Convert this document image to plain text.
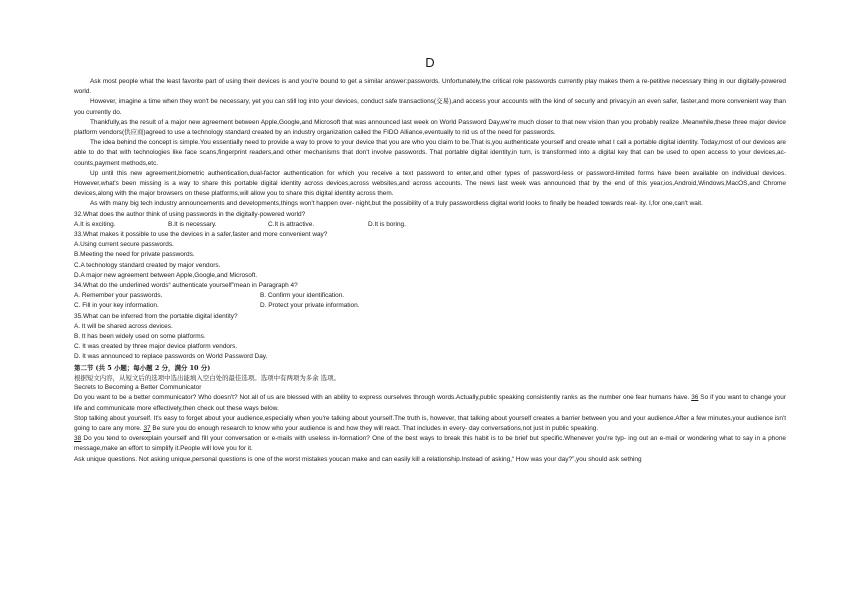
D

Ask most people what the least favorite part of using their devices is and you're bound to get a similar answer:passwords. Unfortunately,the critical role passwords currently play makes them a re-petitive necessary thing in our digitally-powered world.

However, imagine a time when they won't be necessary, yet you can still log into your devices, conduct safe transactions(交易),and access your accounts with the kind of securly and privacy,in an even safer, faster,and more convenient way than you currently do.

Thankfully,as the result of a major new agreement between Apple,Google,and Microsoft that was announced last week on World Password Day,we're much closer to that new vision than you probably realize .Meanwhile,these three major device platform vendors(供应商)agreed to use a technology standard created by an industry organization called the FIDO Alliance,eventually to rid us of the need for passwords.

The idea behind the concept is simple.You essentially need to provide a way to prove to your device that you are who you claim to be.That is,you authenticate yourself and create what I call a portable digital identity. Today,most of our devices are able to do that with technologies like face scans,fingerprint readers,and other mechanisms that don't involve passwords. That portable digital identity,in turn, is transformed into a digital key that can be used to open access to your devices,ac- counts,payment methods,etc.

Up until this new agreement,biometric authentication,dual-factor authentication for which you receive a text password to enter,and other types of password-less or password-limited forms have been available on individual devices. However,what's been missing is a way to share this portable digital identity across devices,across websites,and across accounts. The news last week was announced that by the end of this year,ios,Android,Windows,MacOS,and Chrome devices,along with the major browsers on these platforms,will allow you to share this digital identity across them.

As with many big tech industry announcements and developments,things won't happen over- night,but the possibility of a truly passwordless digital world looks to finally be headed towards real- ity. I,for one,can't wait.

32.What does the author think of using passwords in the digitally-powered world?

A.It is exciting.	B.It is necessary.	C.It is attractive.	D.It is boring.

33.What makes it possible to use the devices in a safer,faster and more convenient way?

A.Using current secure passwords.

B.Meeting the need for private passwords.

C.A technology standard created by major vendors.

D.A major new agreement between Apple,Google,and Microsoft.

34.What do the underlined words“ authenticate yourself”mean in Paragraph 4?

A. Remember your passwords.	B. Confirm your identification.
C. Fill in your key information.	D. Protect your private information.

35.What can be inferred from the portable digital identity?

A. It will be shared across devices.

B. It has been widely used on some platforms.

C. It was created by three major device platform vendors.

D. It was announced to replace passwords on World Password Day.

第二节 (共 5 小题；每小题 2 分，满分 10 分)

根据短文内容，从短文后的选项中选出能填入空白处的最佳选项。选项中有两项为多余 选项。

Secrets to Becoming a Better Communicator

Do you want to be a better communicator? Who doesn't? Not all of us are blessed with an ability to express ourselves through words.Actually,public speaking consistently ranks as the number one fear humans have. 36 So if you want to change your life and communicate more effectively,then check out these ways below.

Stop talking about yourself. It's easy to forget about your audience,especially when you're talking about yourself.The truth is, however, that talking about yourself creates a barrier between you and your audience.After a few minutes,your audience isn't going to care any more. 37 Be sure you do enough research to know who your audience is and how they will react. That includes in every- day conversations,not just in public speaking.

38 Do you tend to overexplain yourself and fill your conversation or e-mails with useless in-formation? One of the best ways to break this habit is to be brief but specific.Whenever you're typ- ing out an e-mail or wondering what to say in a phone message,make an effort to simplify it.People will love you for it.

Ask unique questions. Not asking unique,personal questions is one of the worst mistakes youcan make and can easily kill a relationship.Instead of asking,“ How was your day?”,you should ask sething
